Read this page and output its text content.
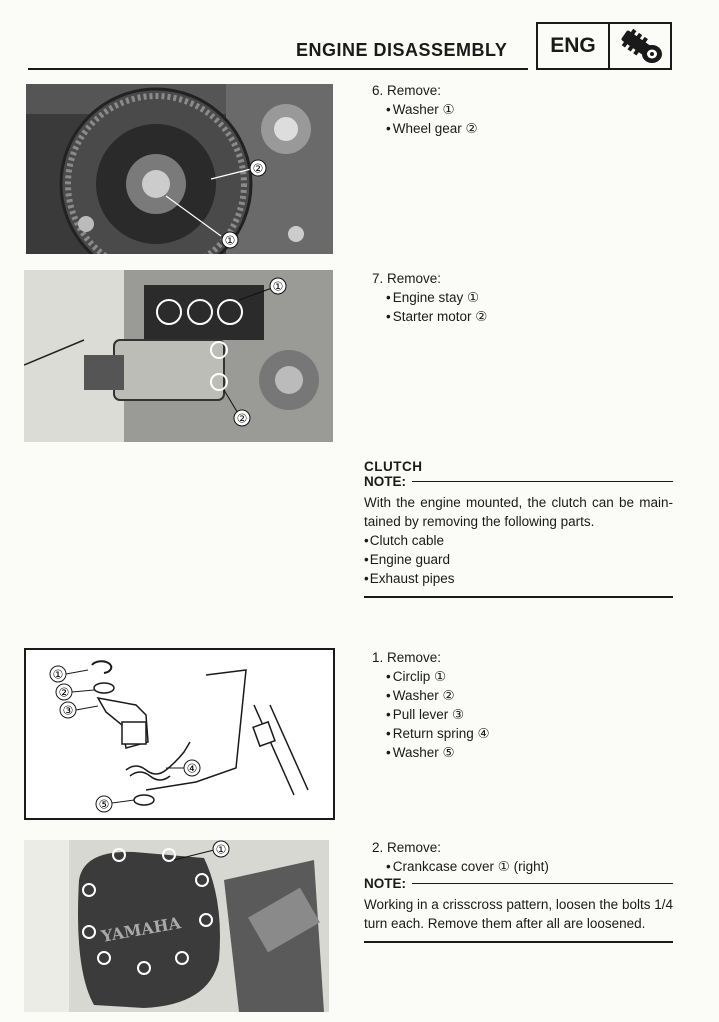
ENGINE DISASSEMBLY	ENG
②
①
6. Remove:
• Washer ①
• Wheel gear ②
①
②
7. Remove:
• Engine stay ①
• Starter motor ②
CLUTCH
NOTE:
With the engine mounted, the clutch can be main-tained by removing the following parts.
• Clutch cable
• Engine guard
• Exhaust pipes
①
②
③
④
⑤
1. Remove:
• Circlip ①
• Washer ②
• Pull lever ③
• Return spring ④
• Washer ⑤
YAMAHA
①	2. Remove:
• Crankcase cover ① (right)
NOTE:
Working in a crisscross pattern, loosen the bolts 1/4 turn each. Remove them after all are loosened.
